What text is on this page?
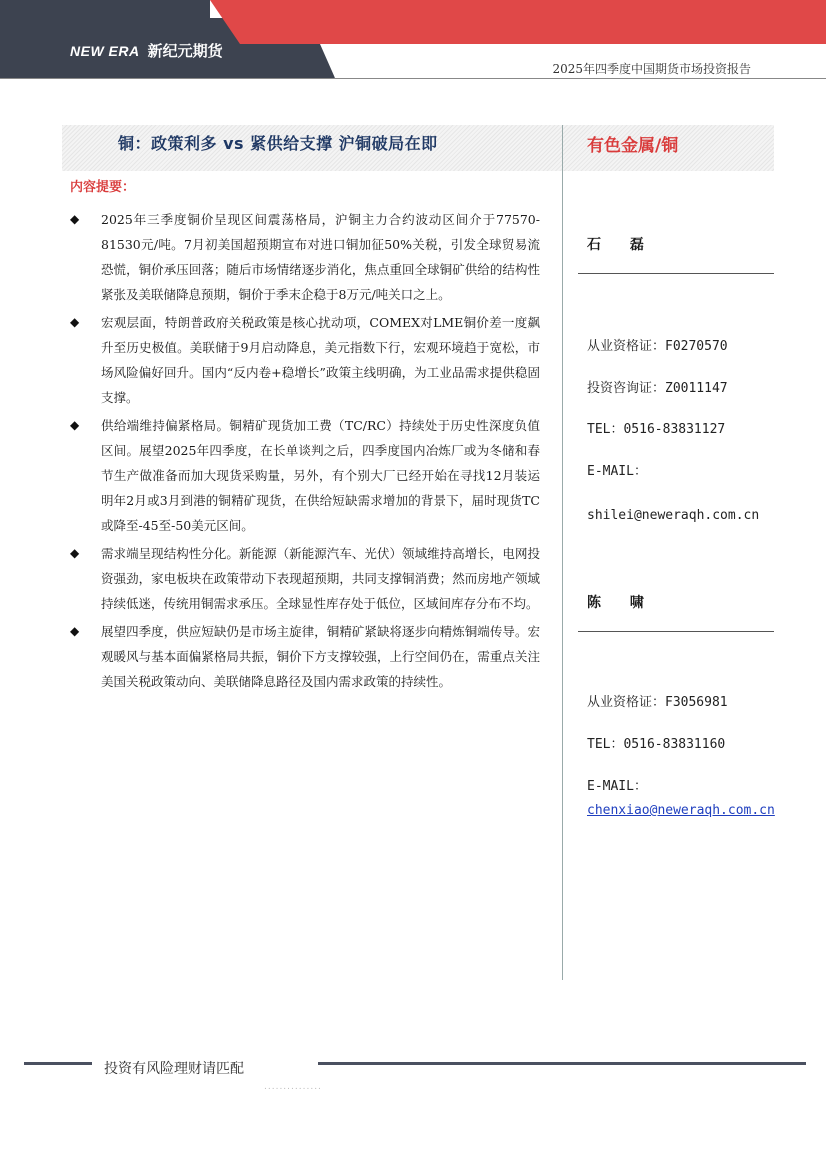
NEW ERA 新纪元期货
2025年四季度中国期货市场投资报告
铜：政策利多 vs 紧供给支撑 沪铜破局在即	有色金属/铜
内容提要：
◆ 2025年三季度铜价呈现区间震荡格局，沪铜主力合约波动区间介于77570-81530元/吨。7月初美国超预期宣布对进口铜加征50%关税，引发全球贸易流恐慌，铜价承压回落；随后市场情绪逐步消化，焦点重回全球铜矿供给的结构性紧张及美联储降息预期，铜价于季末企稳于8万元/吨关口之上。
◆ 宏观层面，特朗普政府关税政策是核心扰动项，COMEX对LME铜价差一度飙升至历史极值。美联储于9月启动降息，美元指数下行，宏观环境趋于宽松，市场风险偏好回升。国内“反内卷+稳增长”政策主线明确，为工业品需求提供稳固支撑。
◆ 供给端维持偏紧格局。铜精矿现货加工费（TC/RC）持续处于历史性深度负值区间。展望2025年四季度，在长单谈判之后，四季度国内冶炼厂或为冬储和春节生产做准备而加大现货采购量，另外，有个别大厂已经开始在寻找12月装运明年2月或3月到港的铜精矿现货，在供给短缺需求增加的背景下，届时现货TC或降至-45至-50美元区间。
◆ 需求端呈现结构性分化。新能源（新能源汽车、光伏）领域维持高增长，电网投资强劲，家电板块在政策带动下表现超预期，共同支撑铜消费；然而房地产领域持续低迷，传统用铜需求承压。全球显性库存处于低位，区域间库存分布不均。
◆ 展望四季度，供应短缺仍是市场主旋律，铜精矿紧缺将逐步向精炼铜端传导。宏观暖风与基本面偏紧格局共振，铜价下方支撑较强，上行空间仍在，需重点关注美国关税政策动向、美联储降息路径及国内需求政策的持续性。
石 磊
从业资格证：F0270570
投资咨询证：Z0011147
TEL：0516-83831127
E-MAIL：
shilei@neweraqh.com.cn
陈 啸
从业资格证：F3056981
TEL：0516-83831160
E-MAIL：
chenxiao@neweraqh.com.cn
投资有风险理财请匹配
...............
